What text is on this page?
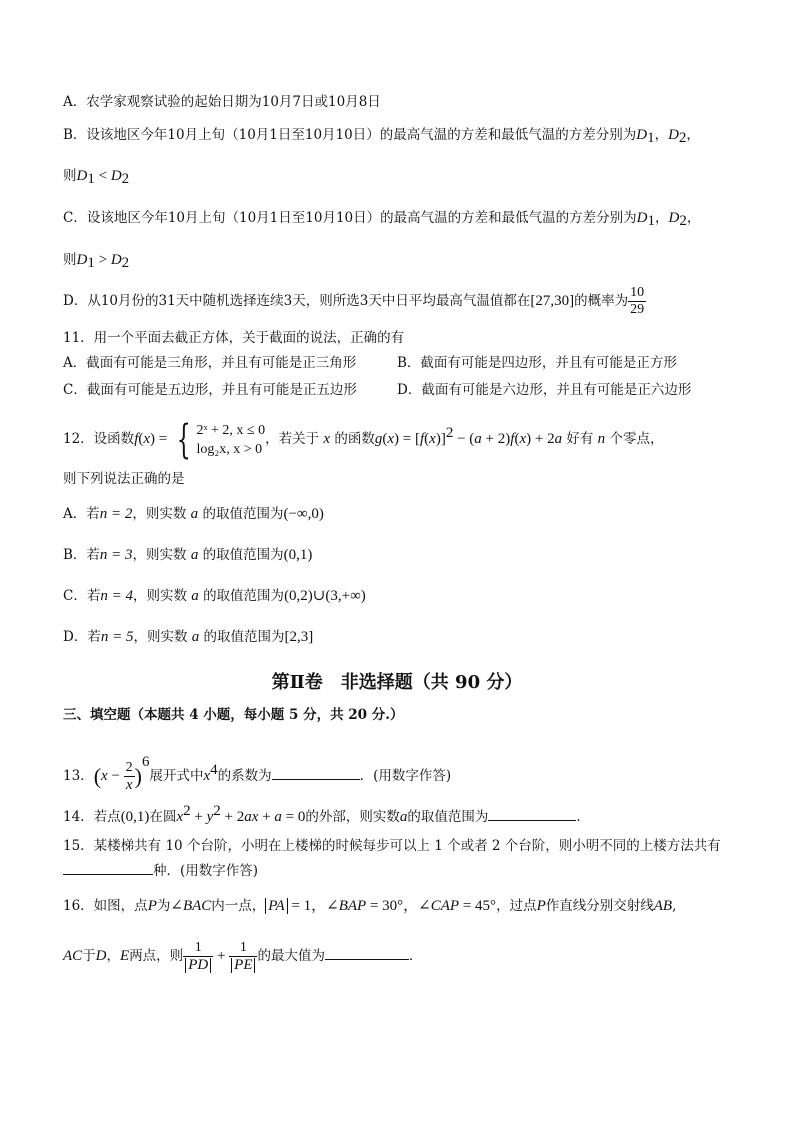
A．农学家观察试验的起始日期为10月7日或10月8日
B．设该地区今年10月上旬（10月1日至10月10日）的最高气温的方差和最低气温的方差分别为$D_1$，$D_2$，
则$D_1 < D_2$
C．设该地区今年10月上旬（10月1日至10月10日）的最高气温的方差和最低气温的方差分别为$D_1$，$D_2$，
则$D_1 > D_2$
D．从10月份的31天中随机选择连续3天，则所选3天中日平均最高气温值都在[27,30]的概率为 $\frac{10}{29}$
11．用一个平面去截正方体，关于截面的说法，正确的有
A．截面有可能是三角形，并且有可能是正三角形	B．截面有可能是四边形，并且有可能是正方形
C．截面有可能是五边形，并且有可能是正五边形	D．截面有可能是六边形，并且有可能是正六边形
12．设函数f(x) = { 2ˣ + 2, x ≤ 0
log₂x, x > 0
，若关于 x 的函数$g(x) = [f(x)]^2 - (a + 2)f(x) + 2a$ 好有 n 个零点，
则下列说法正确的是
A．若n = 2，则实数 a 的取值范围为(−∞,0)
B．若n = 3，则实数 a 的取值范围为(0,1)
C．若n = 4，则实数 a 的取值范围为(0,2)∪(3,+∞)
D．若n = 5，则实数 a 的取值范围为[2,3]
第Ⅱ卷　非选择题（共 90 分）
三、填空题（本题共 4 小题，每小题 5 分，共 20 分.）
13．$(x - \frac{2}{x} )^6$展开式中$x^4$的系数为	．(用数字作答)
14．若点(0,1)在圆$x^2 + y^2 + 2ax + a = 0$的外部，则实数a的取值范围为	．
15．某楼梯共有 10 个台阶，小明在上楼梯的时候每步可以上 1 个或者 2 个台阶，则小明不同的上楼方法共有
种．(用数字作答)
16．如图，点P为∠BAC内一点， PA = 1，∠BAP = 30°，∠CAP = 45°，过点P作直线分别交射线AB,
AC于D，E两点，则 $\frac{1}{PD} + \frac{1}{PE}$ 的最大值为	．
